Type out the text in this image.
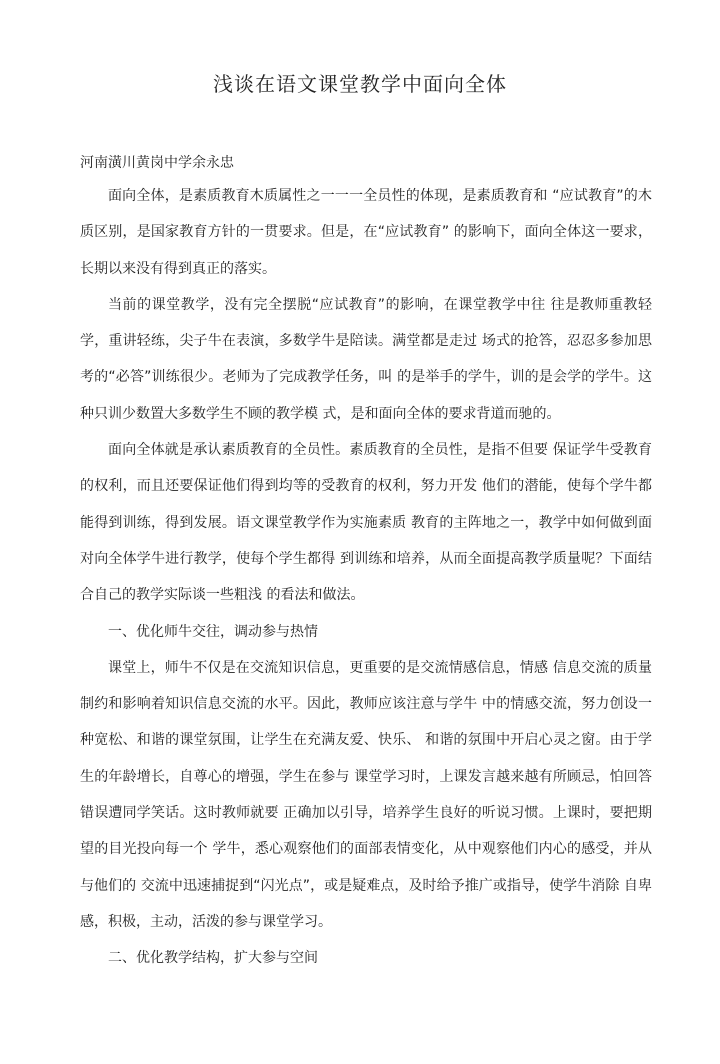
浅谈在语文课堂教学中面向全体
河南潢川黄岗中学余永忠

面向全体，是素质教育木质属性之一一一全员性的体现，是素质教育和 “应试教育”的木质区别，是国家教育方针的一贯要求。但是，在“应试教育” 的影响下，面向全体这一要求，长期以来没有得到真正的落实。

当前的课堂教学，没有完全摆脱“应试教育”的影响，在课堂教学中往 往是教师重教轻学，重讲轻练，尖子牛在表演，多数学牛是陪读。满堂都是走过 场式的抢答，忍忍多参加思考的“必答”训练很少。老师为了完成教学任务，叫 的是举手的学牛，训的是会学的学牛。这种只训少数置大多数学生不顾的教学模 式，是和面向全体的要求背道而驰的。

面向全体就是承认素质教育的全员性。素质教育的全员性，是指不但要 保证学牛受教育的权利，而且还要保证他们得到均等的受教育的权利，努力开发 他们的潜能，使每个学牛都能得到训练，得到发展。语文课堂教学作为实施素质 教育的主阵地之一，教学中如何做到面对向全体学牛进行教学，使每个学生都得 到训练和培养，从而全面提高教学质量呢？下面结合自己的教学实际谈一些粗浅 的看法和做法。

一、优化师牛交往，调动参与热情

课堂上，师牛不仅是在交流知识信息，更重要的是交流情感信息，情感 信息交流的质量制约和影响着知识信息交流的水平。因此，教师应该注意与学牛 中的情感交流，努力创设一种宽松、和谐的课堂氛围，让学生在充满友爱、快乐、 和谐的氛围中开启心灵之窗。由于学生的年龄增长，自尊心的增强，学生在参与 课堂学习时，上课发言越来越有所顾忌，怕回答错误遭同学笑话。这时教师就要 正确加以引导，培养学生良好的听说习惯。上课时，要把期望的目光投向每一个 学牛，悉心观察他们的面部表情变化，从中观察他们内心的感受，并从与他们的 交流中迅速捕捉到“闪光点”，或是疑难点，及时给予推广或指导，使学牛消除 自卑感，积极，主动，活泼的参与课堂学习。

二、优化教学结构，扩大参与空间
